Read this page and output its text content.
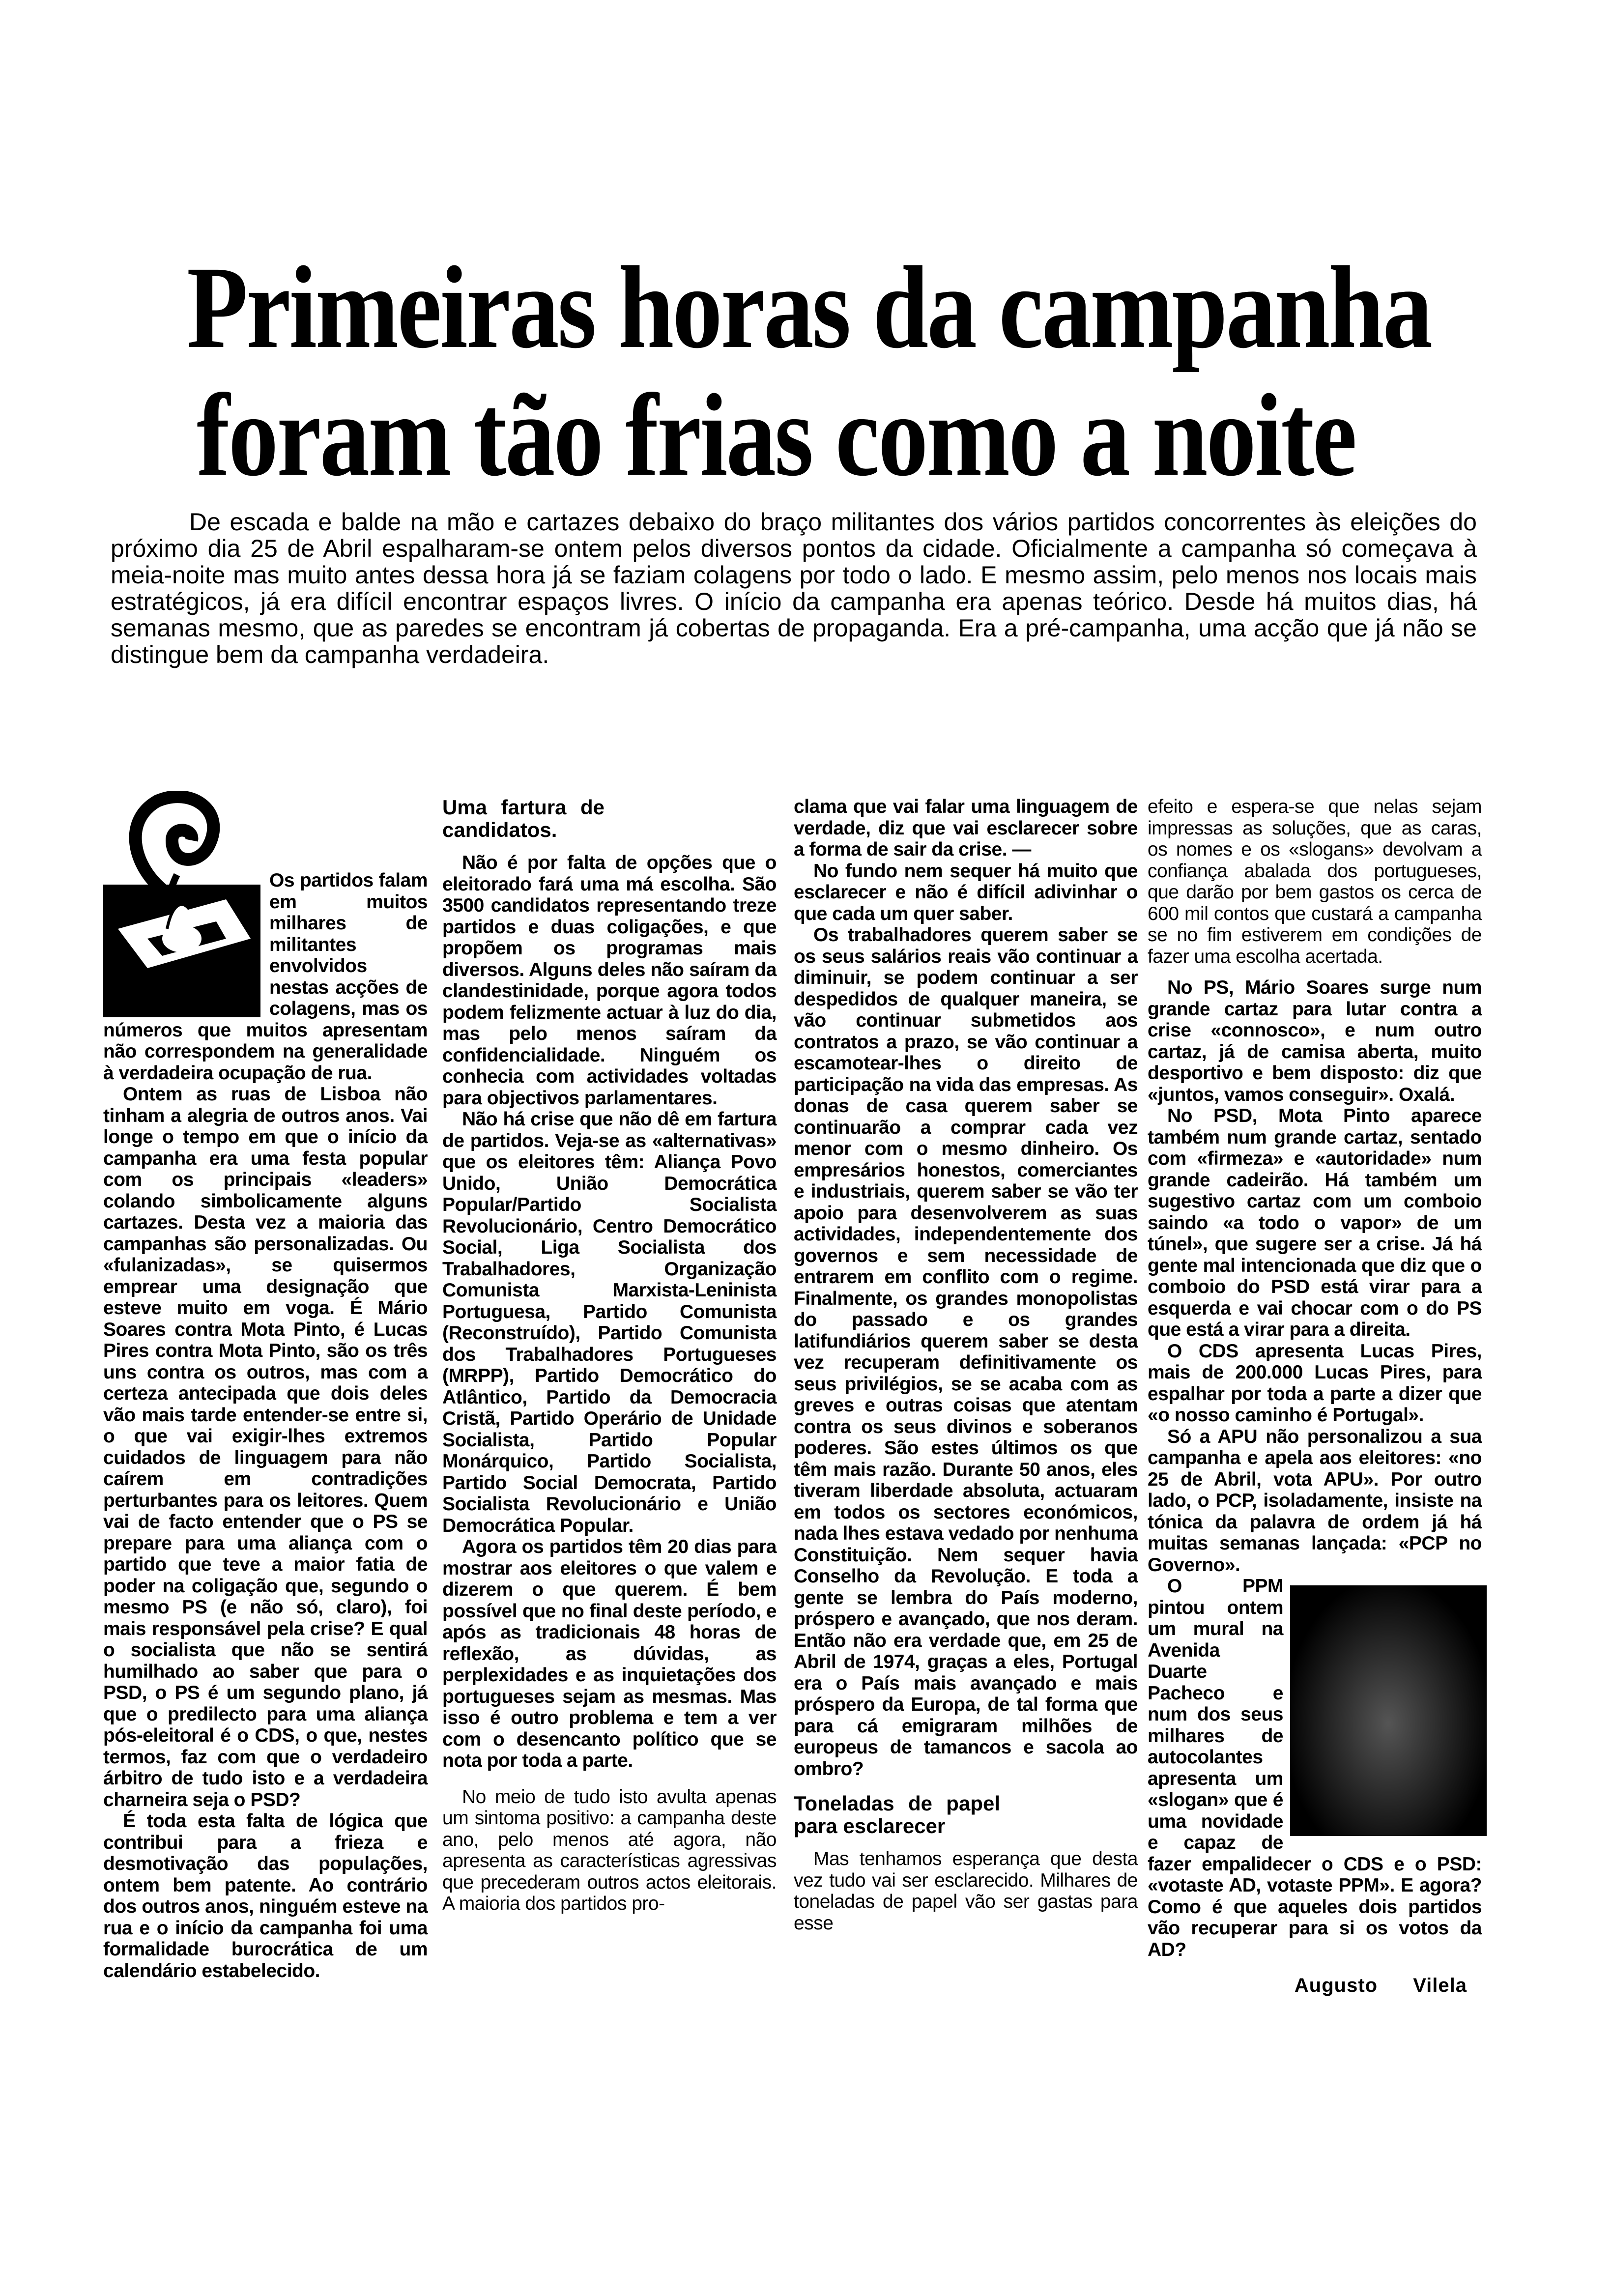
Primeiras horas da campanha
foram tão frias como a noite

De escada e balde na mão e cartazes debaixo do braço militantes dos vários partidos concorrentes às eleições do próximo dia 25 de Abril espalharam-se ontem pelos diversos pontos da cidade. Oficialmente a campanha só começava à meia-noite mas muito antes dessa hora já se faziam colagens por todo o lado. E mesmo assim, pelo menos nos locais mais estratégicos, já era difícil encontrar espaços livres. O início da campanha era apenas teórico. Desde há muitos dias, há semanas mesmo, que as paredes se encontram já cobertas de propaganda. Era a pré-campanha, uma acção que já não se distingue bem da campanha verdadeira.

Os partidos falam em muitos milhares de militantes envolvidos nestas acções de colagens, mas os números que muitos apresentam não correspondem na generalidade à verdadeira ocupação de rua.

Ontem as ruas de Lisboa não tinham a alegria de outros anos. Vai longe o tempo em que o início da campanha era uma festa popular com os principais «leaders» colando simbolicamente alguns cartazes. Desta vez a maioria das campanhas são personalizadas. Ou «fulanizadas», se quisermos emprear uma designação que esteve muito em voga. É Mário Soares contra Mota Pinto, é Lucas Pires contra Mota Pinto, são os três uns contra os outros, mas com a certeza antecipada que dois deles vão mais tarde entender-se entre si, o que vai exigir-lhes extremos cuidados de linguagem para não caírem em contradições perturbantes para os leitores. Quem vai de facto entender que o PS se prepare para uma aliança com o partido que teve a maior fatia de poder na coligação que, segundo o mesmo PS (e não só, claro), foi mais responsável pela crise? E qual o socialista que não se sentirá humilhado ao saber que para o PSD, o PS é um segundo plano, já que o predilecto para uma aliança pós-eleitoral é o CDS, o que, nestes termos, faz com que o verdadeiro árbitro de tudo isto e a verdadeira charneira seja o PSD?

É toda esta falta de lógica que contribui para a frieza e desmotivação das populações, ontem bem patente. Ao contrário dos outros anos, ninguém esteve na rua e o início da campanha foi uma formalidade burocrática de um calendário estabelecido.

Uma fartura de candidatos.

Não é por falta de opções que o eleitorado fará uma má escolha. São 3500 candidatos representando treze partidos e duas coligações, e que propõem os programas mais diversos. Alguns deles não saíram da clandestinidade, porque agora todos podem felizmente actuar à luz do dia, mas pelo menos saíram da confidencialidade. Ninguém os conhecia com actividades voltadas para objectivos parlamentares.

Não há crise que não dê em fartura de partidos. Veja-se as «alternativas» que os eleitores têm: Aliança Povo Unido, União Democrática Popular/Partido Socialista Revolucionário, Centro Democrático Social, Liga Socialista dos Trabalhadores, Organização Comunista Marxista-Leninista Portuguesa, Partido Comunista (Reconstruído), Partido Comunista dos Trabalhadores Portugueses (MRPP), Partido Democrático do Atlântico, Partido da Democracia Cristã, Partido Operário de Unidade Socialista, Partido Popular Monárquico, Partido Socialista, Partido Social Democrata, Partido Socialista Revolucionário e União Democrática Popular.

Agora os partidos têm 20 dias para mostrar aos eleitores o que valem e dizerem o que querem. É bem possível que no final deste período, e após as tradicionais 48 horas de reflexão, as dúvidas, as perplexidades e as inquietações dos portugueses sejam as mesmas. Mas isso é outro problema e tem a ver com o desencanto político que se nota por toda a parte.

No meio de tudo isto avulta apenas um sintoma positivo: a campanha deste ano, pelo menos até agora, não apresenta as características agressivas que precederam outros actos eleitorais. A maioria dos partidos pro-

clama que vai falar uma linguagem de verdade, diz que vai esclarecer sobre a forma de sair da crise. —

No fundo nem sequer há muito que esclarecer e não é difícil adivinhar o que cada um quer saber.

Os trabalhadores querem saber se os seus salários reais vão continuar a diminuir, se podem continuar a ser despedidos de qualquer maneira, se vão continuar submetidos aos contratos a prazo, se vão continuar a escamotear-lhes o direito de participação na vida das empresas. As donas de casa querem saber se continuarão a comprar cada vez menor com o mesmo dinheiro. Os empresários honestos, comerciantes e industriais, querem saber se vão ter apoio para desenvolverem as suas actividades, independentemente dos governos e sem necessidade de entrarem em conflito com o regime. Finalmente, os grandes monopolistas do passado e os grandes latifundiários querem saber se desta vez recuperam definitivamente os seus privilégios, se se acaba com as greves e outras coisas que atentam contra os seus divinos e soberanos poderes. São estes últimos os que têm mais razão. Durante 50 anos, eles tiveram liberdade absoluta, actuaram em todos os sectores económicos, nada lhes estava vedado por nenhuma Constituição. Nem sequer havia Conselho da Revolução. E toda a gente se lembra do País moderno, próspero e avançado, que nos deram. Então não era verdade que, em 25 de Abril de 1974, graças a eles, Portugal era o País mais avançado e mais próspero da Europa, de tal forma que para cá emigraram milhões de europeus de tamancos e sacola ao ombro?

Toneladas de papel para esclarecer

Mas tenhamos esperança que desta vez tudo vai ser esclarecido. Milhares de toneladas de papel vão ser gastas para esse

efeito e espera-se que nelas sejam impressas as soluções, que as caras, os nomes e os «slogans» devolvam a confiança abalada dos portugueses, que darão por bem gastos os cerca de 600 mil contos que custará a campanha se no fim estiverem em condições de fazer uma escolha acertada.

No PS, Mário Soares surge num grande cartaz para lutar contra a crise «connosco», e num outro cartaz, já de camisa aberta, muito desportivo e bem disposto: diz que «juntos, vamos conseguir». Oxalá.

No PSD, Mota Pinto aparece também num grande cartaz, sentado com «firmeza» e «autoridade» num grande cadeirão. Há também um sugestivo cartaz com um comboio saindo «a todo o vapor» de um túnel», que sugere ser a crise. Já há gente mal intencionada que diz que o comboio do PSD está virar para a esquerda e vai chocar com o do PS que está a virar para a direita.

O CDS apresenta Lucas Pires, mais de 200.000 Lucas Pires, para espalhar por toda a parte a dizer que «o nosso caminho é Portugal».

Só a APU não personalizou a sua campanha e apela aos eleitores: «no 25 de Abril, vota APU». Por outro lado, o PCP, isoladamente, insiste na tónica da palavra de ordem já há muitas semanas lançada: «PCP no Governo».

O PPM pintou ontem um mural na Avenida Duarte Pacheco e num dos seus milhares de autocolantes apresenta um «slogan» que é uma novidade e capaz de fazer empalidecer o CDS e o PSD: «votaste AD, votaste PPM». E agora? Como é que aqueles dois partidos vão recuperar para si os votos da AD?

Augusto Vilela
